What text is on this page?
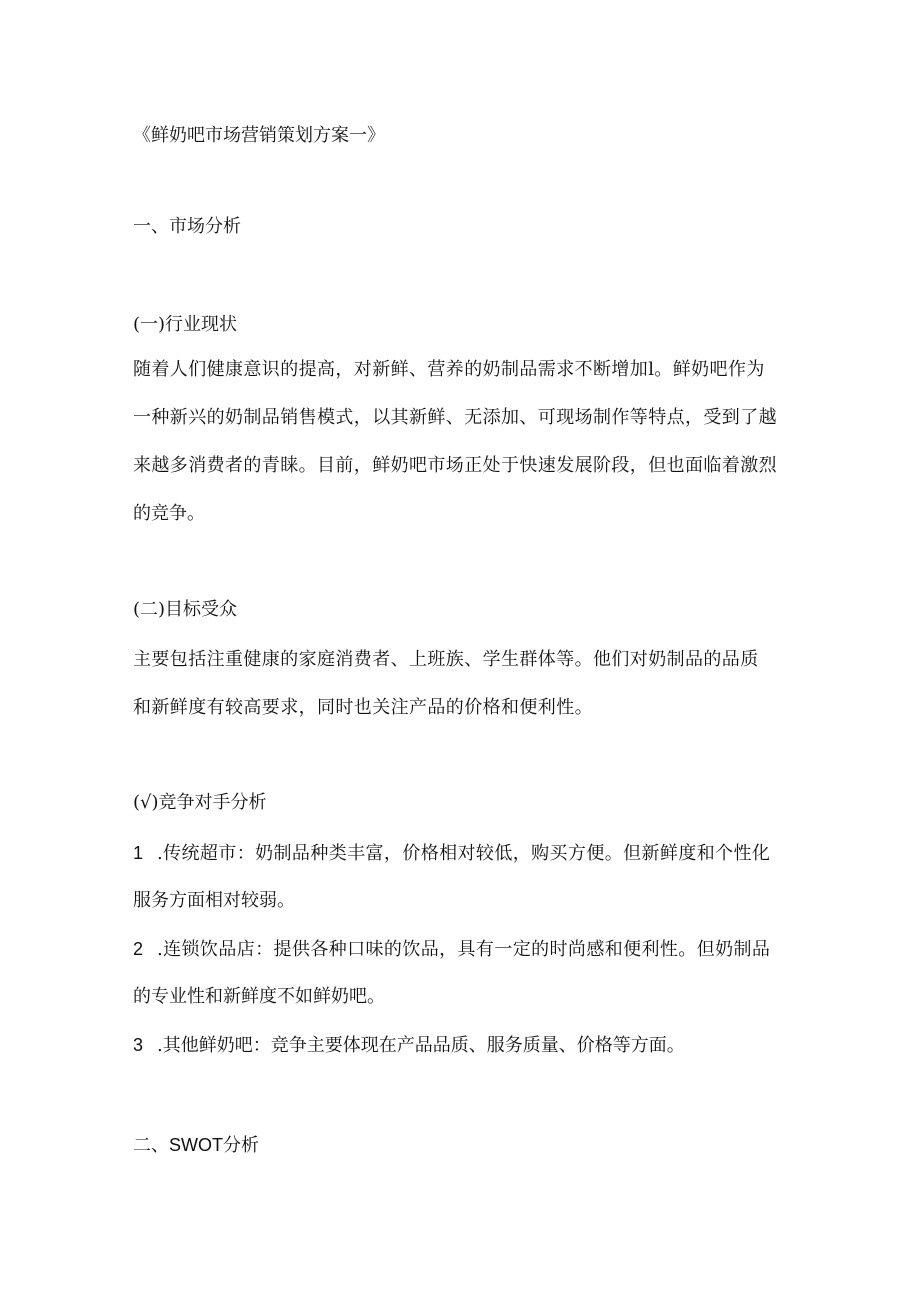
《鲜奶吧市场营销策划方案一》
一、市场分析
(一)行业现状
随着人们健康意识的提高，对新鲜、营养的奶制品需求不断增加l。鲜奶吧作为
一种新兴的奶制品销售模式，以其新鲜、无添加、可现场制作等特点，受到了越
来越多消费者的青睐。目前，鲜奶吧市场正处于快速发展阶段，但也面临着激烈
的竞争。
(二)目标受众
主要包括注重健康的家庭消费者、上班族、学生群体等。他们对奶制品的品质
和新鲜度有较高要求，同时也关注产品的价格和便利性。
(√)竞争对手分析
1 .传统超市：奶制品种类丰富，价格相对较低，购买方便。但新鲜度和个性化
服务方面相对较弱。
2 .连锁饮品店：提供各种口味的饮品，具有一定的时尚感和便利性。但奶制品
的专业性和新鲜度不如鲜奶吧。
3 .其他鲜奶吧：竞争主要体现在产品品质、服务质量、价格等方面。
二、SWOT分析
